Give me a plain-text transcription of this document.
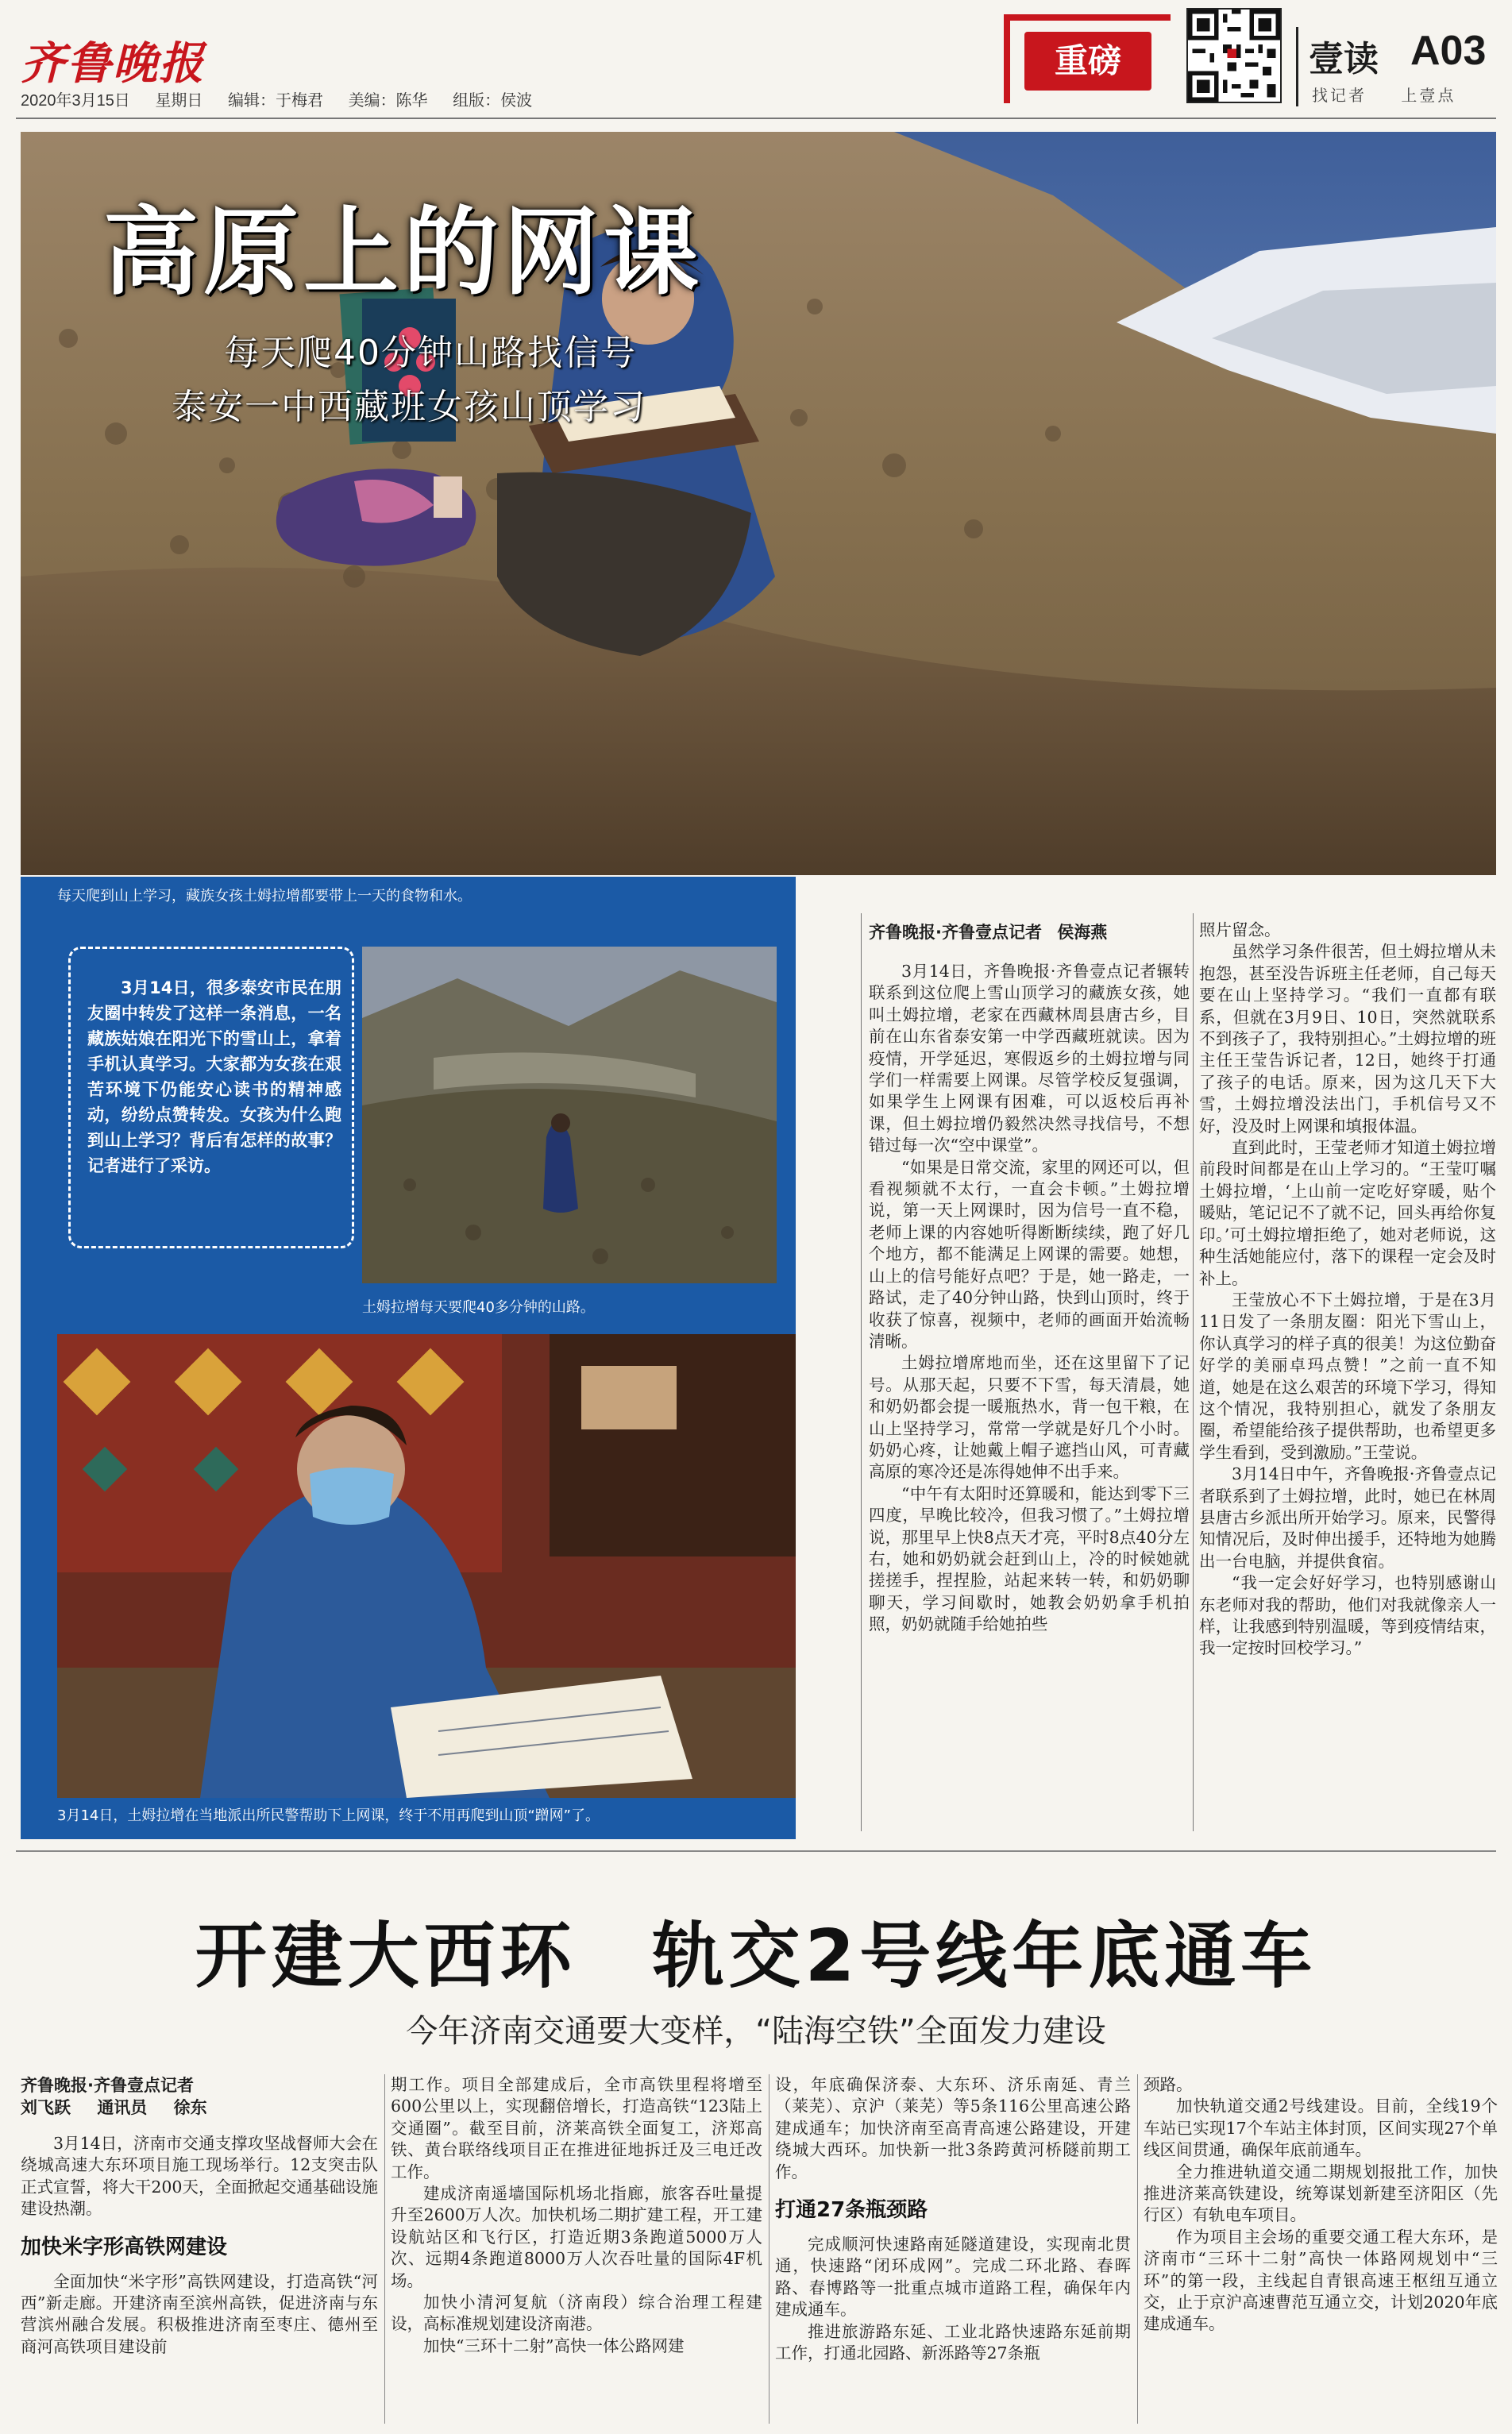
齐鲁晚报
2020年3月15日 星期日 编辑：于梅君 美编：陈华 组版：侯波
重磅	壹读 A03
找记者 上壹点
高原上的网课
每天爬40分钟山路找信号
泰安一中西藏班女孩山顶学习
每天爬到山上学习，藏族女孩土姆拉增都要带上一天的食物和水。
3月14日，很多泰安市民在朋友圈中转发了这样一条消息，一名藏族姑娘在阳光下的雪山上，拿着手机认真学习。大家都为女孩在艰苦环境下仍能安心读书的精神感动，纷纷点赞转发。女孩为什么跑到山上学习？背后有怎样的故事？记者进行了采访。
土姆拉增每天要爬40多分钟的山路。
3月14日，土姆拉增在当地派出所民警帮助下上网课，终于不用再爬到山顶“蹭网”了。
齐鲁晚报·齐鲁壹点记者 侯海燕

3月14日，齐鲁晚报·齐鲁壹点记者辗转联系到这位爬上雪山顶学习的藏族女孩，她叫土姆拉增，老家在西藏林周县唐古乡，目前在山东省泰安第一中学西藏班就读。因为疫情，开学延迟，寒假返乡的土姆拉增与同学们一样需要上网课。尽管学校反复强调，如果学生上网课有困难，可以返校后再补课，但土姆拉增仍毅然决然寻找信号，不想错过每一次“空中课堂”。

“如果是日常交流，家里的网还可以，但看视频就不太行，一直会卡顿。”土姆拉增说，第一天上网课时，因为信号一直不稳，老师上课的内容她听得断断续续，跑了好几个地方，都不能满足上网课的需要。她想，山上的信号能好点吧？于是，她一路走，一路试，走了40分钟山路，快到山顶时，终于收获了惊喜，视频中，老师的画面开始流畅清晰。

土姆拉增席地而坐，还在这里留下了记号。从那天起，只要不下雪，每天清晨，她和奶奶都会提一暖瓶热水，背一包干粮，在山上坚持学习，常常一学就是好几个小时。奶奶心疼，让她戴上帽子遮挡山风，可青藏高原的寒冷还是冻得她伸不出手来。

“中午有太阳时还算暖和，能达到零下三四度，早晚比较冷，但我习惯了。”土姆拉增说，那里早上快8点天才亮，平时8点40分左右，她和奶奶就会赶到山上，冷的时候她就搓搓手，捏捏脸，站起来转一转，和奶奶聊聊天，学习间歇时，她教会奶奶拿手机拍照，奶奶就随手给她拍些

照片留念。

虽然学习条件很苦，但土姆拉增从未抱怨，甚至没告诉班主任老师，自己每天要在山上坚持学习。“我们一直都有联系，但就在3月9日、10日，突然就联系不到孩子了，我特别担心。”土姆拉增的班主任王莹告诉记者，12日，她终于打通了孩子的电话。原来，因为这几天下大雪，土姆拉增没法出门，手机信号又不好，没及时上网课和填报体温。

直到此时，王莹老师才知道土姆拉增前段时间都是在山上学习的。“王莹叮嘱土姆拉增，‘上山前一定吃好穿暖，贴个暖贴，笔记记不了就不记，回头再给你复印。’可土姆拉增拒绝了，她对老师说，这种生活她能应付，落下的课程一定会及时补上。

王莹放心不下土姆拉增，于是在3月11日发了一条朋友圈：阳光下雪山上，你认真学习的样子真的很美！为这位勤奋好学的美丽卓玛点赞！”之前一直不知道，她是在这么艰苦的环境下学习，得知这个情况，我特别担心，就发了条朋友圈，希望能给孩子提供帮助，也希望更多学生看到，受到激励。”王莹说。

3月14日中午，齐鲁晚报·齐鲁壹点记者联系到了土姆拉增，此时，她已在林周县唐古乡派出所开始学习。原来，民警得知情况后，及时伸出援手，还特地为她腾出一台电脑，并提供食宿。

“我一定会好好学习，也特别感谢山东老师对我的帮助，他们对我就像亲人一样，让我感到特别温暖，等到疫情结束，我一定按时回校学习。”

开建大西环　轨交2号线年底通车
今年济南交通要大变样，“陆海空铁”全面发力建设
齐鲁晚报·齐鲁壹点记者
刘飞跃 通讯员 徐东

3月14日，济南市交通支撑攻坚战督师大会在绕城高速大东环项目施工现场举行。12支突击队正式宣誓，将大干200天，全面掀起交通基础设施建设热潮。

加快米字形高铁网建设

全面加快“米字形”高铁网建设，打造高铁“河西”新走廊。开建济南至滨州高铁，促进济南与东营滨州融合发展。积极推进济南至枣庄、德州至商河高铁项目建设前

期工作。项目全部建成后，全市高铁里程将增至600公里以上，实现翻倍增长，打造高铁“123陆上交通圈”。截至目前，济莱高铁全面复工，济郑高铁、黄台联络线项目正在推进征地拆迁及三电迁改工作。

建成济南遥墙国际机场北指廊，旅客吞吐量提升至2600万人次。加快机场二期扩建工程，开工建设航站区和飞行区，打造近期3条跑道5000万人次、远期4条跑道8000万人次吞吐量的国际4F机场。

加快小清河复航（济南段）综合治理工程建设，高标准规划建设济南港。

加快“三环十二射”高快一体公路网建

设，年底确保济泰、大东环、济乐南延、青兰（莱芜）、京沪（莱芜）等5条116公里高速公路建成通车；加快济南至高青高速公路建设，开建绕城大西环。加快新一批3条跨黄河桥隧前期工作。

打通27条瓶颈路

完成顺河快速路南延隧道建设，实现南北贯通，快速路“闭环成网”。完成二环北路、春晖路、春博路等一批重点城市道路工程，确保年内建成通车。

推进旅游路东延、工业北路快速路东延前期工作，打通北园路、新泺路等27条瓶

颈路。

加快轨道交通2号线建设。目前，全线19个车站已实现17个车站主体封顶，区间实现27个单线区间贯通，确保年底前通车。

全力推进轨道交通二期规划报批工作，加快推进济莱高铁建设，统筹谋划新建至济阳区（先行区）有轨电车项目。

作为项目主会场的重要交通工程大东环，是济南市“三环十二射”高快一体路网规划中“三环”的第一段，主线起自青银高速王枢纽互通立交，止于京沪高速曹范互通立交，计划2020年底建成通车。
